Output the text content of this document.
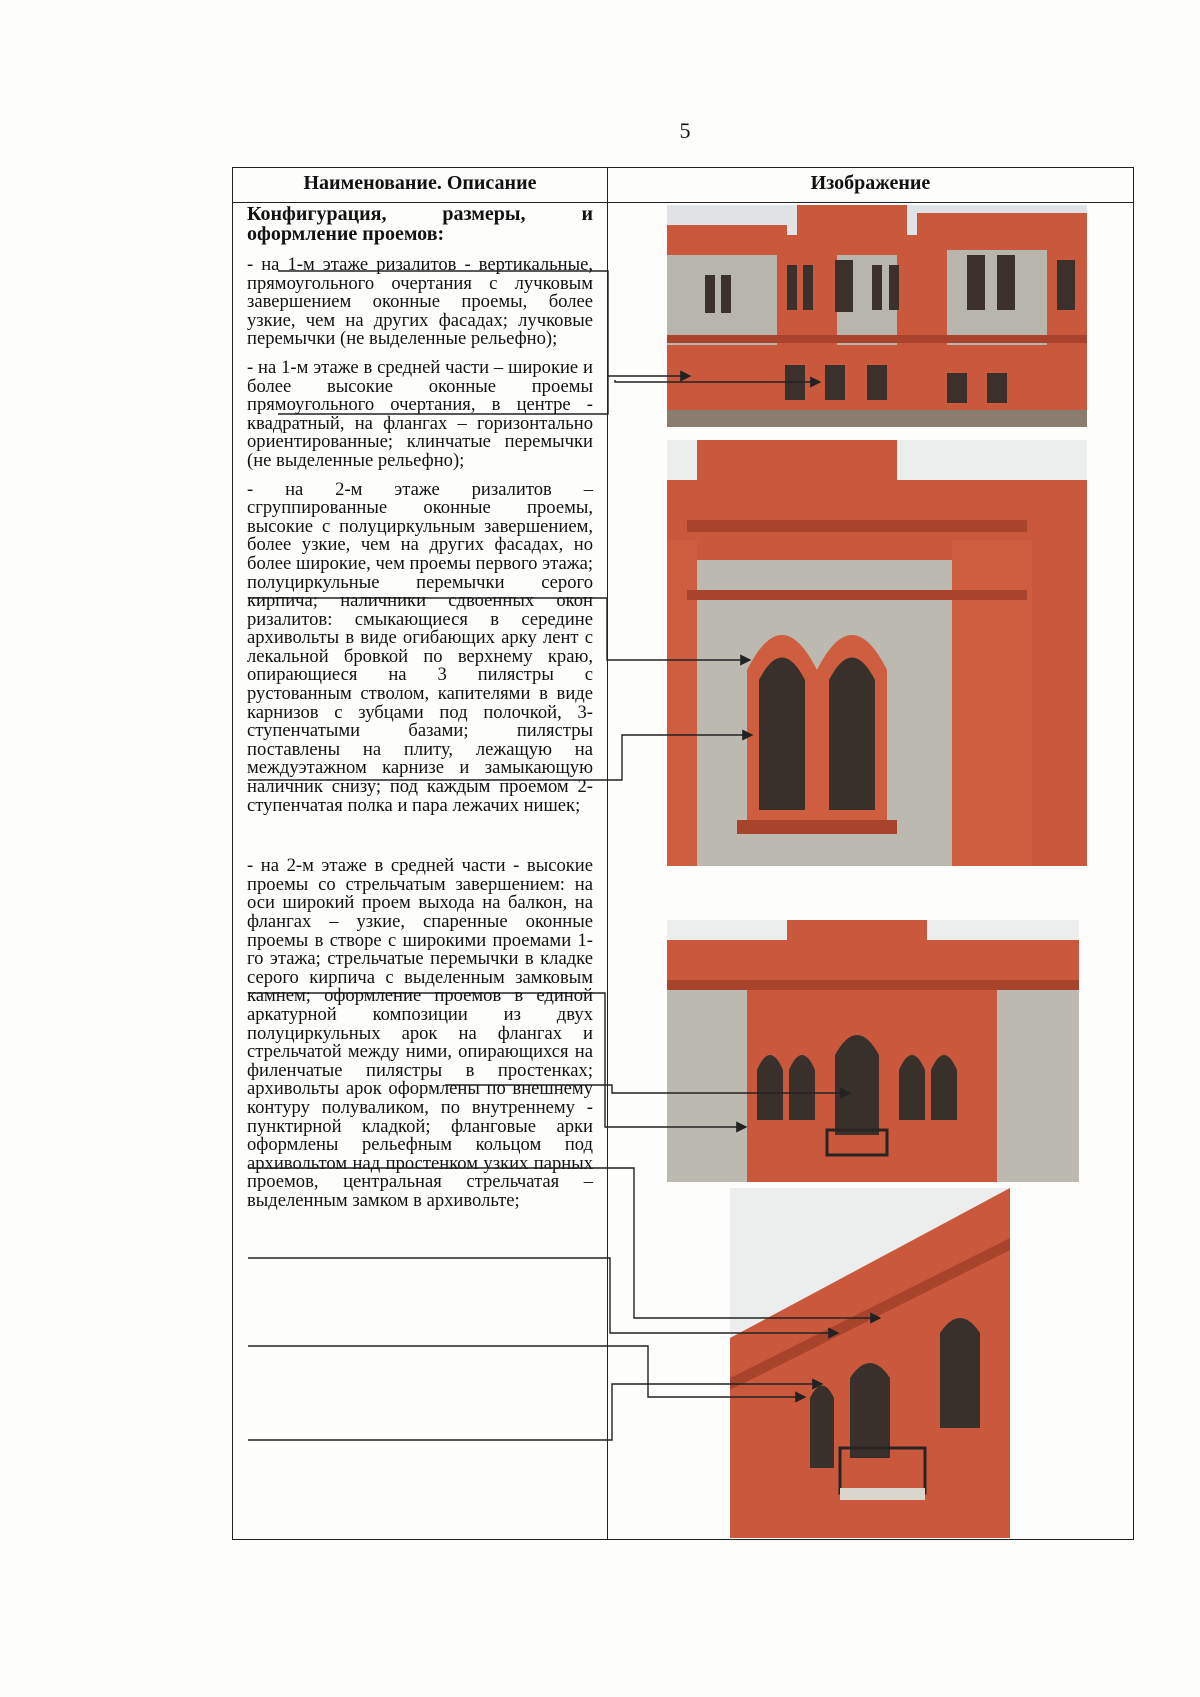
5
Наименование. Описание	Изображение
Конфигурация, размеры, и оформление проемов:

- на 1-м этаже ризалитов - вертикальные, прямоугольного очертания с лучковым завершением оконные проемы, более узкие, чем на других фасадах; лучковые перемычки (не выделенные рельефно);

- на 1-м этаже в средней части – широкие и более высокие оконные проемы прямоугольного очертания, в центре - квадратный, на флангах – горизонтально ориентированные; клинчатые перемычки (не выделенные рельефно);

- на 2-м этаже ризалитов – сгруппированные оконные проемы, высокие с полуциркульным завершением, более узкие, чем на других фасадах, но более широкие, чем проемы первого этажа; полуциркульные перемычки серого кирпича; наличники сдвоенных окон ризалитов: смыкающиеся в середине архивольты в виде огибающих арку лент с лекальной бровкой по верхнему краю, опирающиеся на 3 пилястры с рустованным стволом, капителями в виде карнизов с зубцами под полочкой, 3-ступенчатыми базами; пилястры поставлены на плиту, лежащую на междуэтажном карнизе и замыкающую наличник снизу; под каждым проемом 2-ступенчатая полка и пара лежачих нишек;

- на 2-м этаже в средней части - высокие проемы со стрельчатым завершением: на оси широкий проем выхода на балкон, на флангах – узкие, спаренные оконные проемы в створе с широкими проемами 1-го этажа; стрельчатые перемычки в кладке серого кирпича с выделенным замковым камнем; оформление проемов в единой аркатурной композиции из двух полуциркульных арок на флангах и стрельчатой между ними, опирающихся на филенчатые пилястры в простенках; архивольты арок оформлены по внешнему контуру полуваликом, по внутреннему - пунктирной кладкой; фланговые арки оформлены рельефным кольцом под архивольтом над простенком узких парных проемов, центральная стрельчатая – выделенным замком в архивольте;
